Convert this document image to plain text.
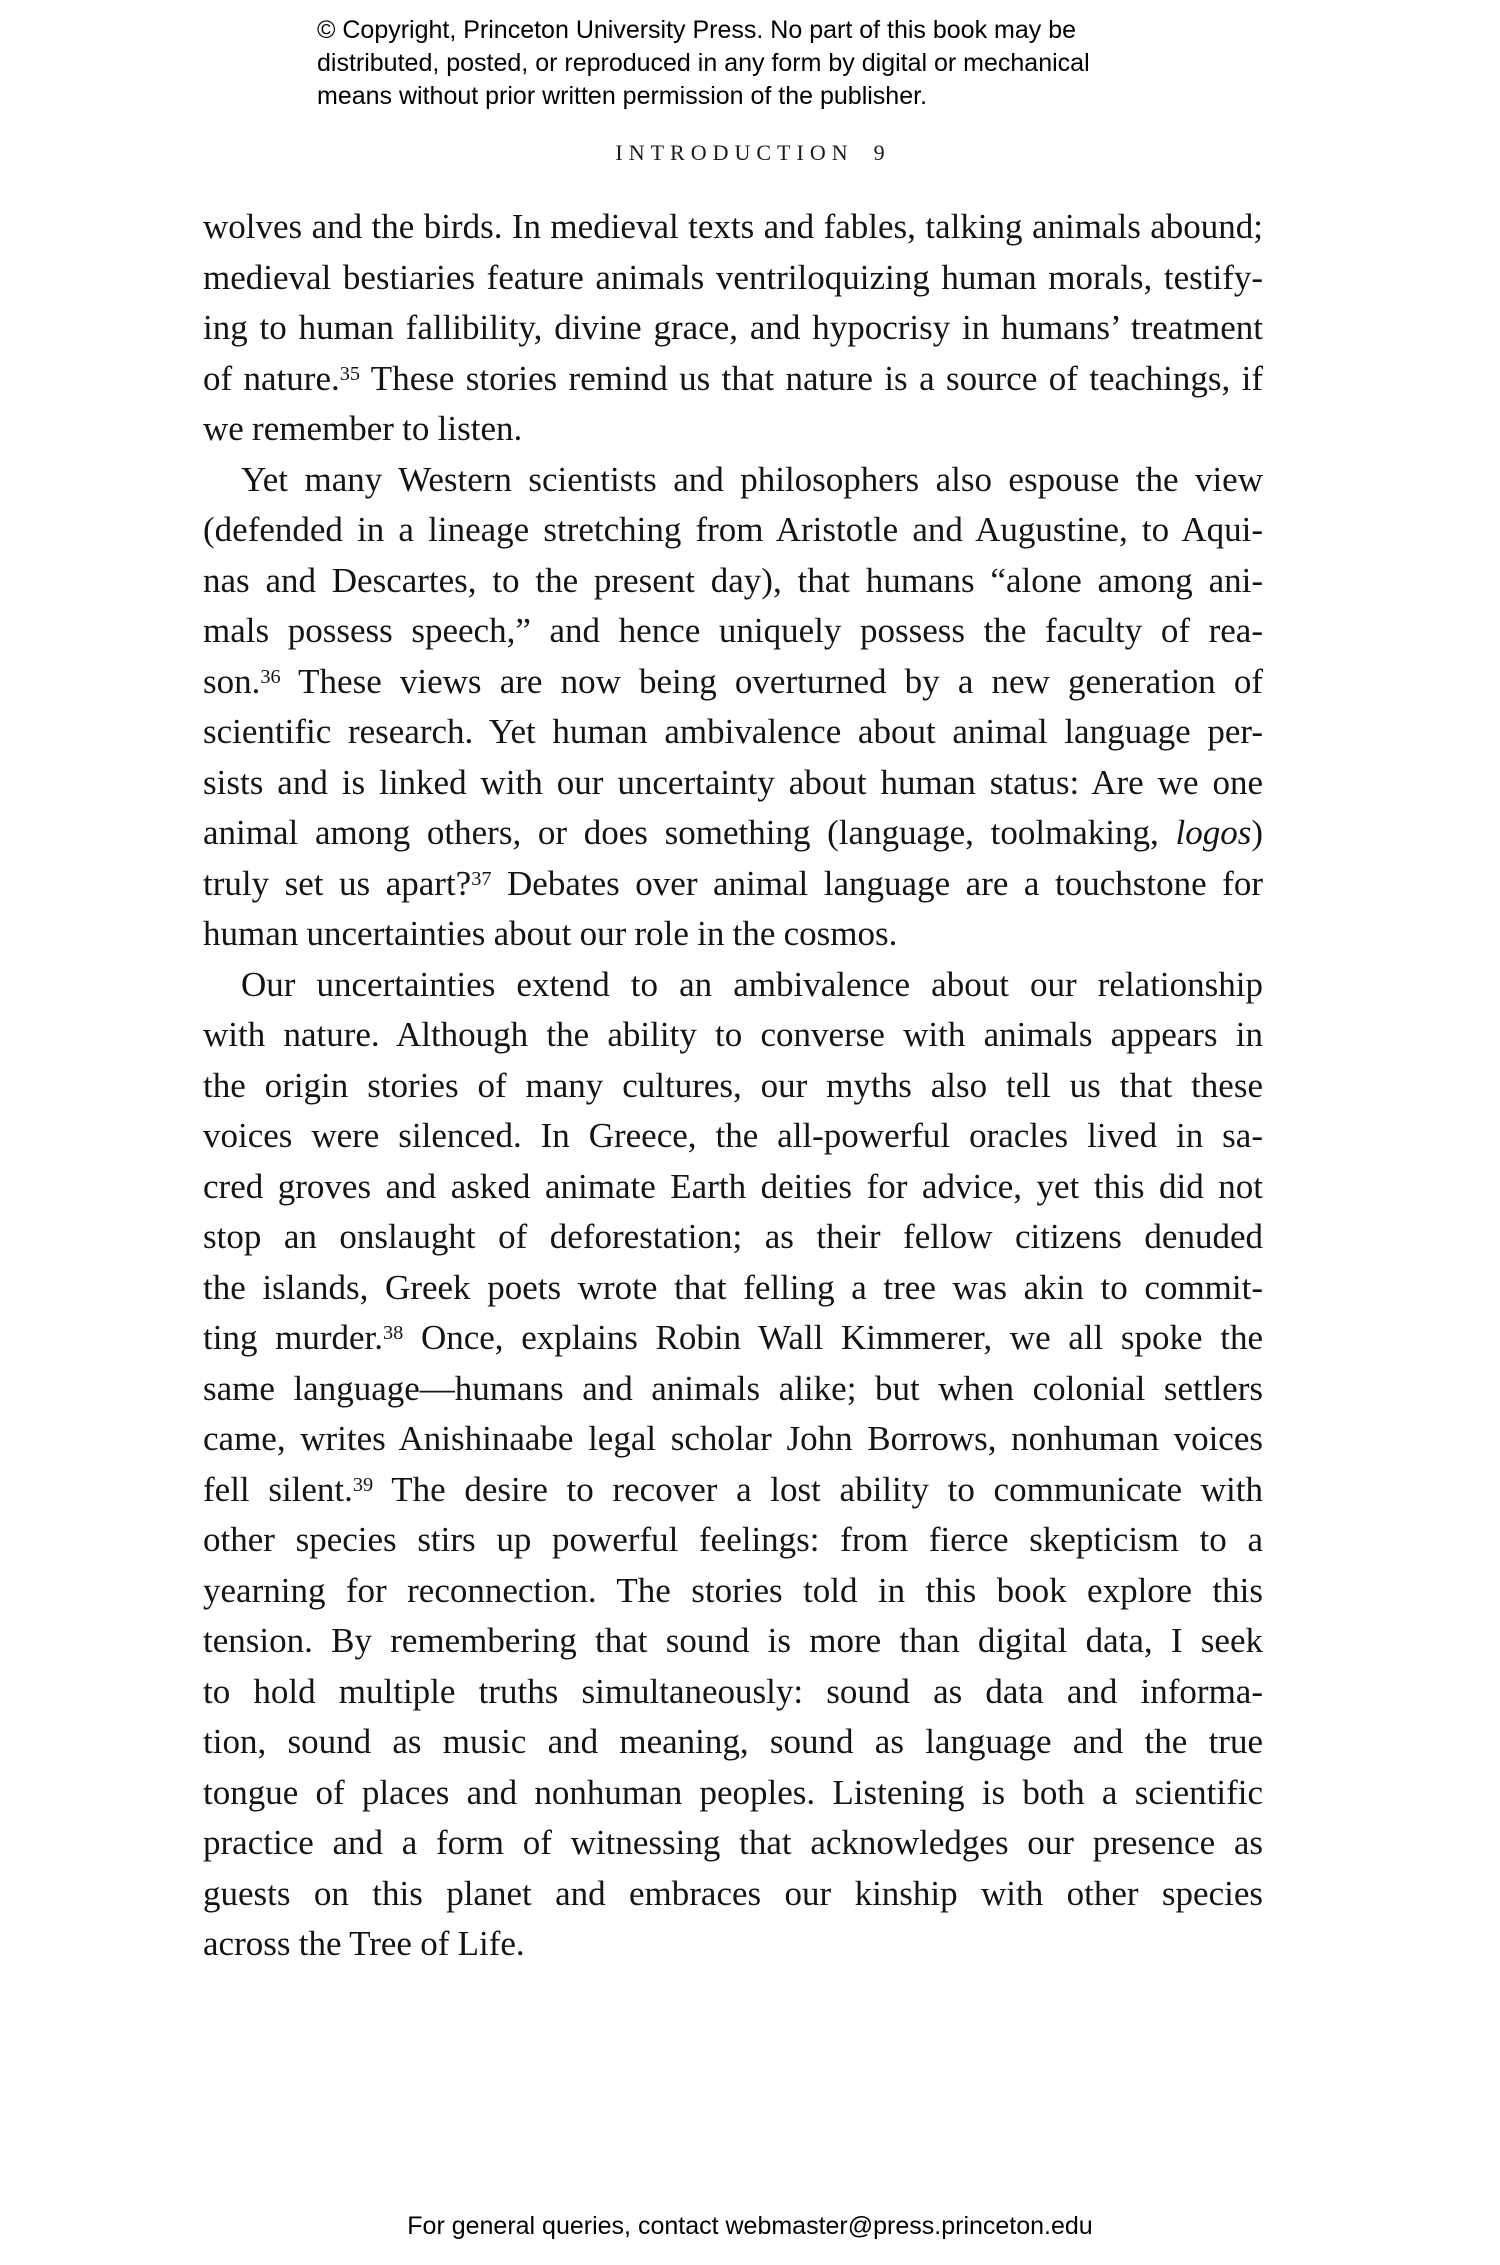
© Copyright, Princeton University Press. No part of this book may be
distributed, posted, or reproduced in any form by digital or mechanical
means without prior written permission of the publisher.
INTRODUCTION 9
wolves and the birds. In medieval texts and fables, talking animals abound;
medieval bestiaries feature animals ventriloquizing human morals, testify-
ing to human fallibility, divine grace, and hypocrisy in humans’ treatment
of nature.$^{35}$ These stories remind us that nature is a source of teachings, if
we remember to listen.
Yet many Western scientists and philosophers also espouse the view
(defended in a lineage stretching from Aristotle and Augustine, to Aqui-
nas and Descartes, to the present day), that humans “alone among ani-
mals possess speech,” and hence uniquely possess the faculty of rea-
son.$^{36}$ These views are now being overturned by a new generation of
scientific research. Yet human ambivalence about animal language per-
sists and is linked with our uncertainty about human status: Are we one
animal among others, or does something (language, toolmaking, logos)
truly set us apart?$^{37}$ Debates over animal language are a touchstone for
human uncertainties about our role in the cosmos.
Our uncertainties extend to an ambivalence about our relationship
with nature. Although the ability to converse with animals appears in
the origin stories of many cultures, our myths also tell us that these
voices were silenced. In Greece, the all-powerful oracles lived in sa-
cred groves and asked animate Earth deities for advice, yet this did not
stop an onslaught of deforestation; as their fellow citizens denuded
the islands, Greek poets wrote that felling a tree was akin to commit-
ting murder.$^{38}$ Once, explains Robin Wall Kimmerer, we all spoke the
same language—humans and animals alike; but when colonial settlers
came, writes Anishinaabe legal scholar John Borrows, nonhuman voices
fell silent.$^{39}$ The desire to recover a lost ability to communicate with
other species stirs up powerful feelings: from fierce skepticism to a
yearning for reconnection. The stories told in this book explore this
tension. By remembering that sound is more than digital data, I seek
to hold multiple truths simultaneously: sound as data and informa-
tion, sound as music and meaning, sound as language and the true
tongue of places and nonhuman peoples. Listening is both a scientific
practice and a form of witnessing that acknowledges our presence as
guests on this planet and embraces our kinship with other species
across the Tree of Life.
For general queries, contact webmaster@press.princeton.edu
